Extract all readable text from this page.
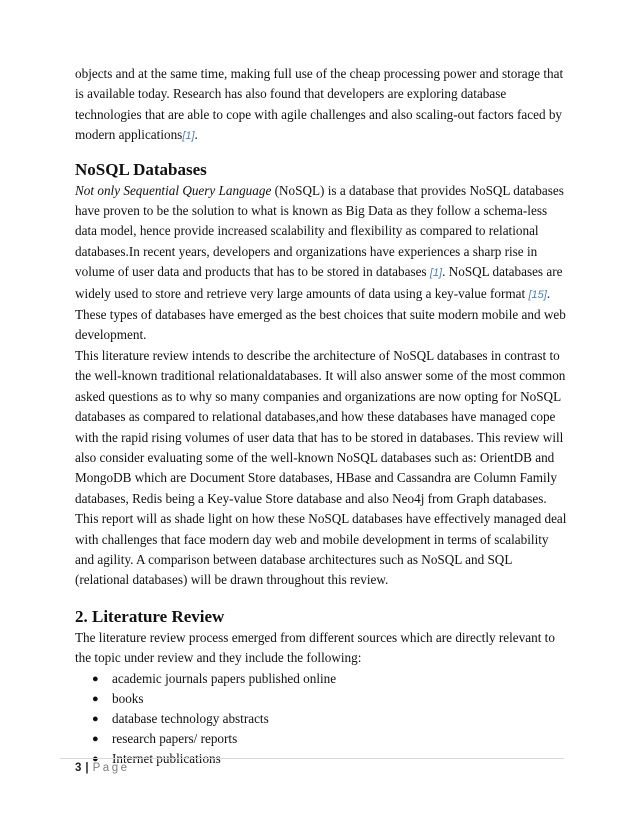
objects and at the same time, making full use of the cheap processing power and storage that is available today. Research has also found that developers are exploring database technologies that are able to cope with agile challenges and also scaling-out factors faced by modern applications[1].

NoSQL Databases

Not only Sequential Query Language (NoSQL) is a database that provides NoSQL databases have proven to be the solution to what is known as Big Data as they follow a schema-less data model, hence provide increased scalability and flexibility as compared to relational databases.In recent years, developers and organizations have experiences a sharp rise in volume of user data and products that has to be stored in databases [1]. NoSQL databases are widely used to store and retrieve very large amounts of data using a key-value format [15]. These types of databases have emerged as the best choices that suite modern mobile and web development.

This literature review intends to describe the architecture of NoSQL databases in contrast to the well-known traditional relationaldatabases. It will also answer some of the most common asked questions as to why so many companies and organizations are now opting for NoSQL databases as compared to relational databases,and how these databases have managed cope with the rapid rising volumes of user data that has to be stored in databases. This review will also consider evaluating some of the well-known NoSQL databases such as: OrientDB and MongoDB which are Document Store databases, HBase and Cassandra are Column Family databases, Redis being a Key-value Store database and also Neo4j from Graph databases. This report will as shade light on how these NoSQL databases have effectively managed deal with challenges that face modern day web and mobile development in terms of scalability and agility. A comparison between database architectures such as NoSQL and SQL (relational databases) will be drawn throughout this review.

2. Literature Review

The literature review process emerged from different sources which are directly relevant to the topic under review and they include the following:

● academic journals papers published online
● books
● database technology abstracts
● research papers/ reports
● Internet publications
3 | Page
